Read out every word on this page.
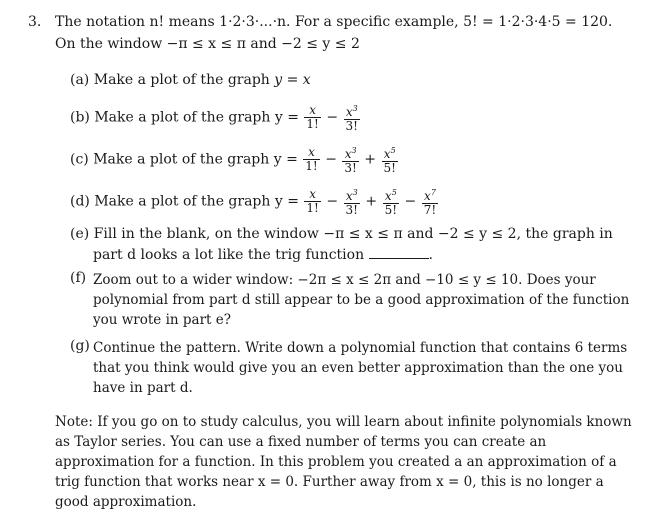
3. The notation n! means 1·2·3·...·n. For a specific example, 5! = 1·2·3·4·5 = 120.
On the window −π ≤ x ≤ π and −2 ≤ y ≤ 2
(a) Make a plot of the graph y = x
(b) Make a plot of the graph $y = \frac{x}{1!} - \frac{x^3}{3!}$
(c) Make a plot of the graph $y = \frac{x}{1!} - \frac{x^3}{3!} + \frac{x^5}{5!}$
(d) Make a plot of the graph $y = \frac{x}{1!} - \frac{x^3}{3!} + \frac{x^5}{5!} - \frac{x^7}{7!}$
(e) Fill in the blank, on the window −π ≤ x ≤ π and −2 ≤ y ≤ 2, the graph in
part d looks a lot like the trig function	.
(f) Zoom out to a wider window: −2π ≤ x ≤ 2π and −10 ≤ y ≤ 10. Does your polynomial from part d still appear to be a good approximation of the function you wrote in part e?
(g) Continue the pattern. Write down a polynomial function that contains 6 terms that you think would give you an even better approximation than the one you have in part d.
Note: If you go on to study calculus, you will learn about infinite polynomials known as Taylor series. You can use a fixed number of terms you can create an approximation for a function. In this problem you created a an approximation of a trig function that works near x = 0. Further away from x = 0, this is no longer a good approximation.
